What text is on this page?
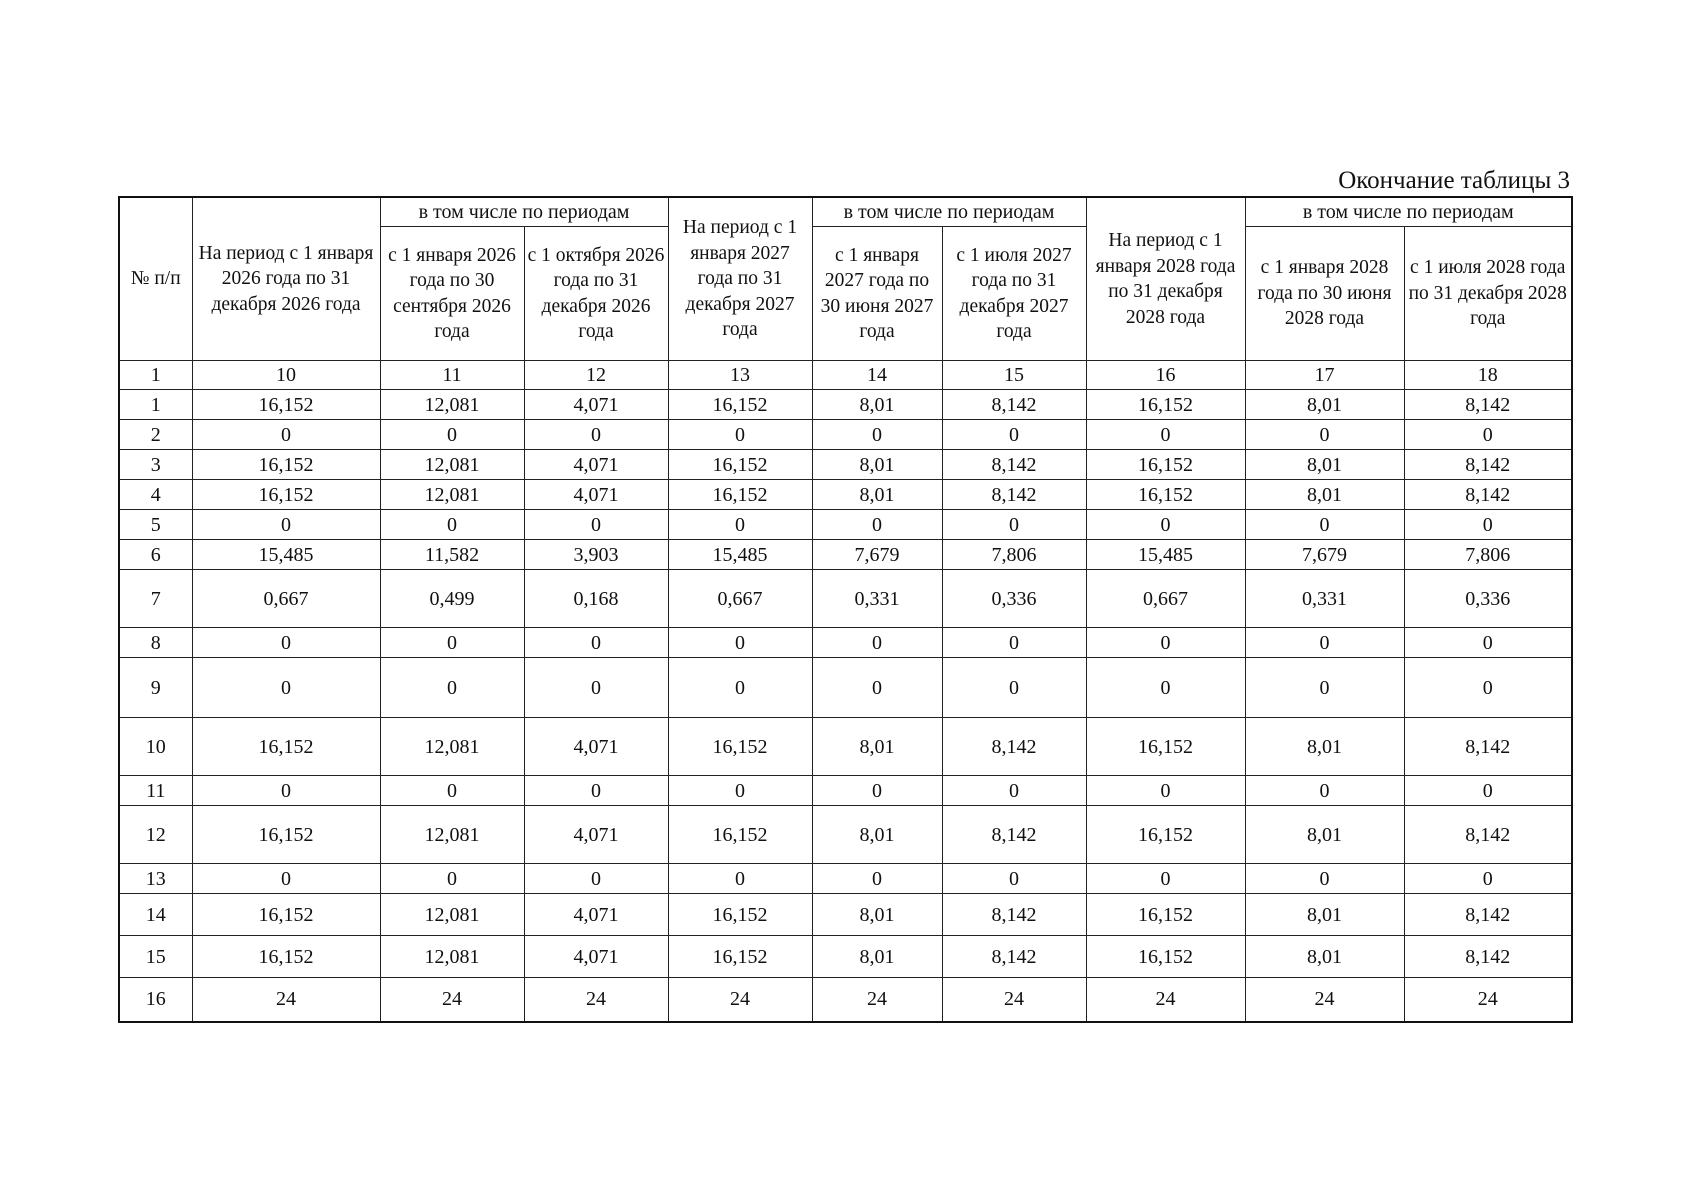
Окончание таблицы 3
№ п/п	На период с 1 января 2026 года по 31 декабря 2026 года	в том числе по периодам		На период с 1 января 2027 года по 31 декабря 2027 года	в том числе по периодам		На период с 1 января 2028 года по 31 декабря 2028 года	в том числе по периодам	
		с 1 января 2026 года по 30 сентября 2026 года	с 1 октября 2026 года по 31 декабря 2026 года		с 1 января 2027 года по 30 июня 2027 года	с 1 июля 2027 года по 31 декабря 2027 года		с 1 января 2028 года по 30 июня 2028 года	с 1 июля 2028 года по 31 декабря 2028 года
1	10	11	12	13	14	15	16	17	18
1	16,152	12,081	4,071	16,152	8,01	8,142	16,152	8,01	8,142
2	0	0	0	0	0	0	0	0	0
3	16,152	12,081	4,071	16,152	8,01	8,142	16,152	8,01	8,142
4	16,152	12,081	4,071	16,152	8,01	8,142	16,152	8,01	8,142
5	0	0	0	0	0	0	0	0	0
6	15,485	11,582	3,903	15,485	7,679	7,806	15,485	7,679	7,806
7	0,667	0,499	0,168	0,667	0,331	0,336	0,667	0,331	0,336
8	0	0	0	0	0	0	0	0	0
9	0	0	0	0	0	0	0	0	0
10	16,152	12,081	4,071	16,152	8,01	8,142	16,152	8,01	8,142
11	0	0	0	0	0	0	0	0	0
12	16,152	12,081	4,071	16,152	8,01	8,142	16,152	8,01	8,142
13	0	0	0	0	0	0	0	0	0
14	16,152	12,081	4,071	16,152	8,01	8,142	16,152	8,01	8,142
15	16,152	12,081	4,071	16,152	8,01	8,142	16,152	8,01	8,142
16	24	24	24	24	24	24	24	24	24
